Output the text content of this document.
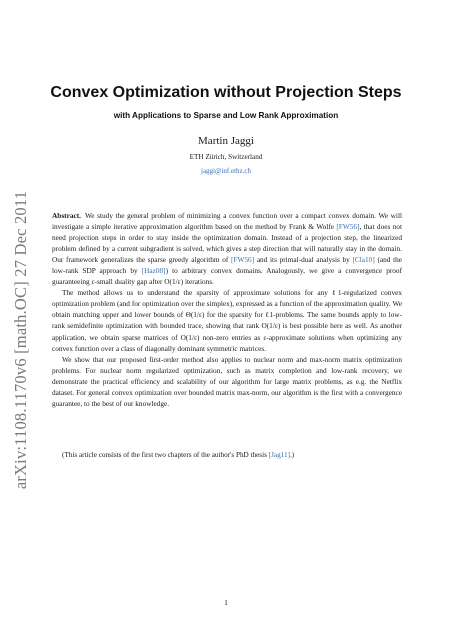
arXiv:1108.1170v6 [math.OC] 27 Dec 2011
Convex Optimization without Projection Steps
with Applications to Sparse and Low Rank Approximation
Martin Jaggi
ETH Zürich, Switzerland
jaggi@inf.ethz.ch

Abstract. We study the general problem of minimizing a convex function over a compact convex domain. We will investigate a simple iterative approximation algorithm based on the method by Frank & Wolfe [FW56], that does not need projection steps in order to stay inside the optimization domain. Instead of a projection step, the linearized problem defined by a current subgradient is solved, which gives a step direction that will naturally stay in the domain. Our framework generalizes the sparse greedy algorithm of [FW56] and its primal-dual analysis by [Cla10] (and the low-rank SDP approach by [Haz08]) to arbitrary convex domains. Analogously, we give a convergence proof guaranteeing ε-small duality gap after O(1/ε) iterations.

The method allows us to understand the sparsity of approximate solutions for any ℓ1-regularized convex optimization problem (and for optimization over the simplex), expressed as a function of the approximation quality. We obtain matching upper and lower bounds of Θ(1/ε) for the sparsity for ℓ1-problems. The same bounds apply to low-rank semidefinite optimization with bounded trace, showing that rank O(1/ε) is best possible here as well. As another application, we obtain sparse matrices of O(1/ε) non-zero entries as ε-approximate solutions when optimizing any convex function over a class of diagonally dominant symmetric matrices.

We show that our proposed first-order method also applies to nuclear norm and max-norm matrix optimization problems. For nuclear norm regularized optimization, such as matrix completion and low-rank recovery, we demonstrate the practical efficiency and scalability of our algorithm for large matrix problems, as e.g. the Netflix dataset. For general convex optimization over bounded matrix max-norm, our algorithm is the first with a convergence guarantee, to the best of our knowledge.

(This article consists of the first two chapters of the author's PhD thesis [Jag11].)
1
